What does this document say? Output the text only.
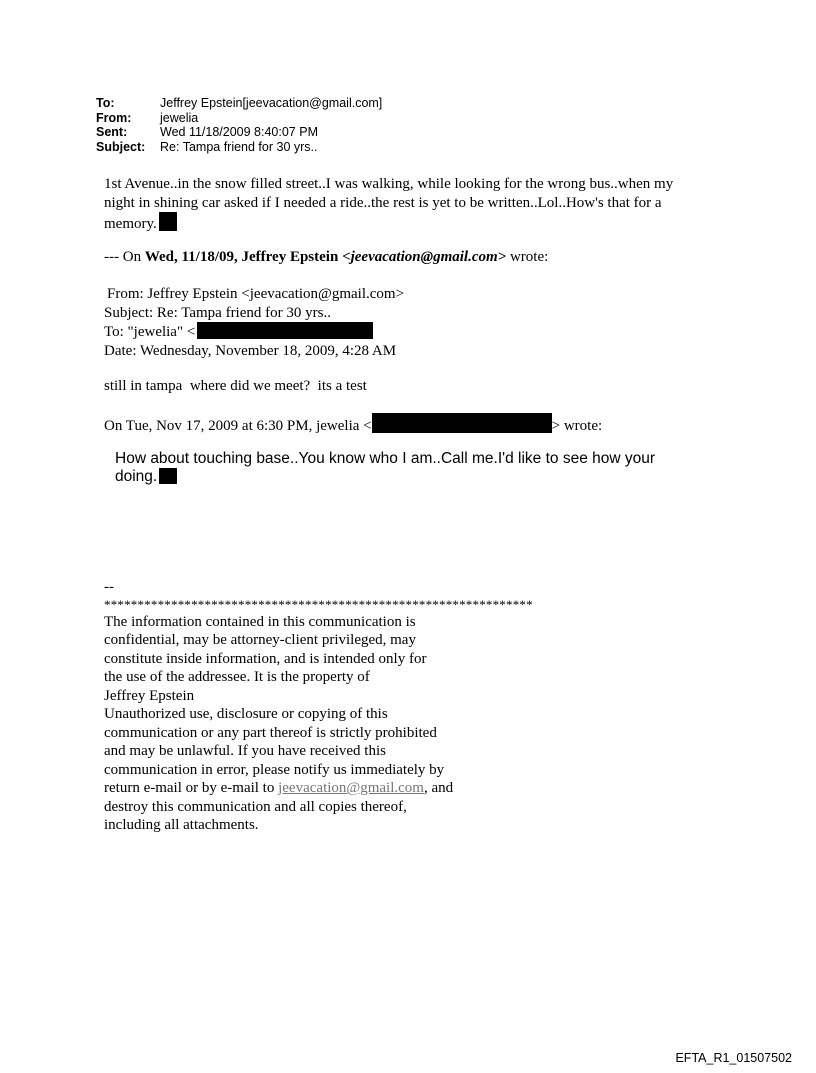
To:	Jeffrey Epstein[jeevacation@gmail.com]
From:	jewelia
Sent:	Wed 11/18/2009 8:40:07 PM
Subject:	Re: Tampa friend for 30 yrs..
1st Avenue..in the snow filled street..I was walking, while looking for the wrong bus..when my
night in shining car asked if I needed a ride..the rest is yet to be written..Lol..How's that for a
memory.
--- On Wed, 11/18/09, Jeffrey Epstein <jeevacation@gmail.com> wrote:
From: Jeffrey Epstein <jeevacation@gmail.com>
Subject: Re: Tampa friend for 30 yrs..
To: "jewelia" <
Date: Wednesday, November 18, 2009, 4:28 AM
still in tampa  where did we meet?  its a test
On Tue, Nov 17, 2009 at 6:30 PM, jewelia <	> wrote:
How about touching base..You know who I am..Call me.I'd like to see how your
doing.
--
****************************************************************
The information contained in this communication is
confidential, may be attorney-client privileged, may
constitute inside information, and is intended only for
the use of the addressee. It is the property of
Jeffrey Epstein
Unauthorized use, disclosure or copying of this
communication or any part thereof is strictly prohibited
and may be unlawful. If you have received this
communication in error, please notify us immediately by
return e-mail or by e-mail to jeevacation@gmail.com, and
destroy this communication and all copies thereof,
including all attachments.
EFTA_R1_01507502
